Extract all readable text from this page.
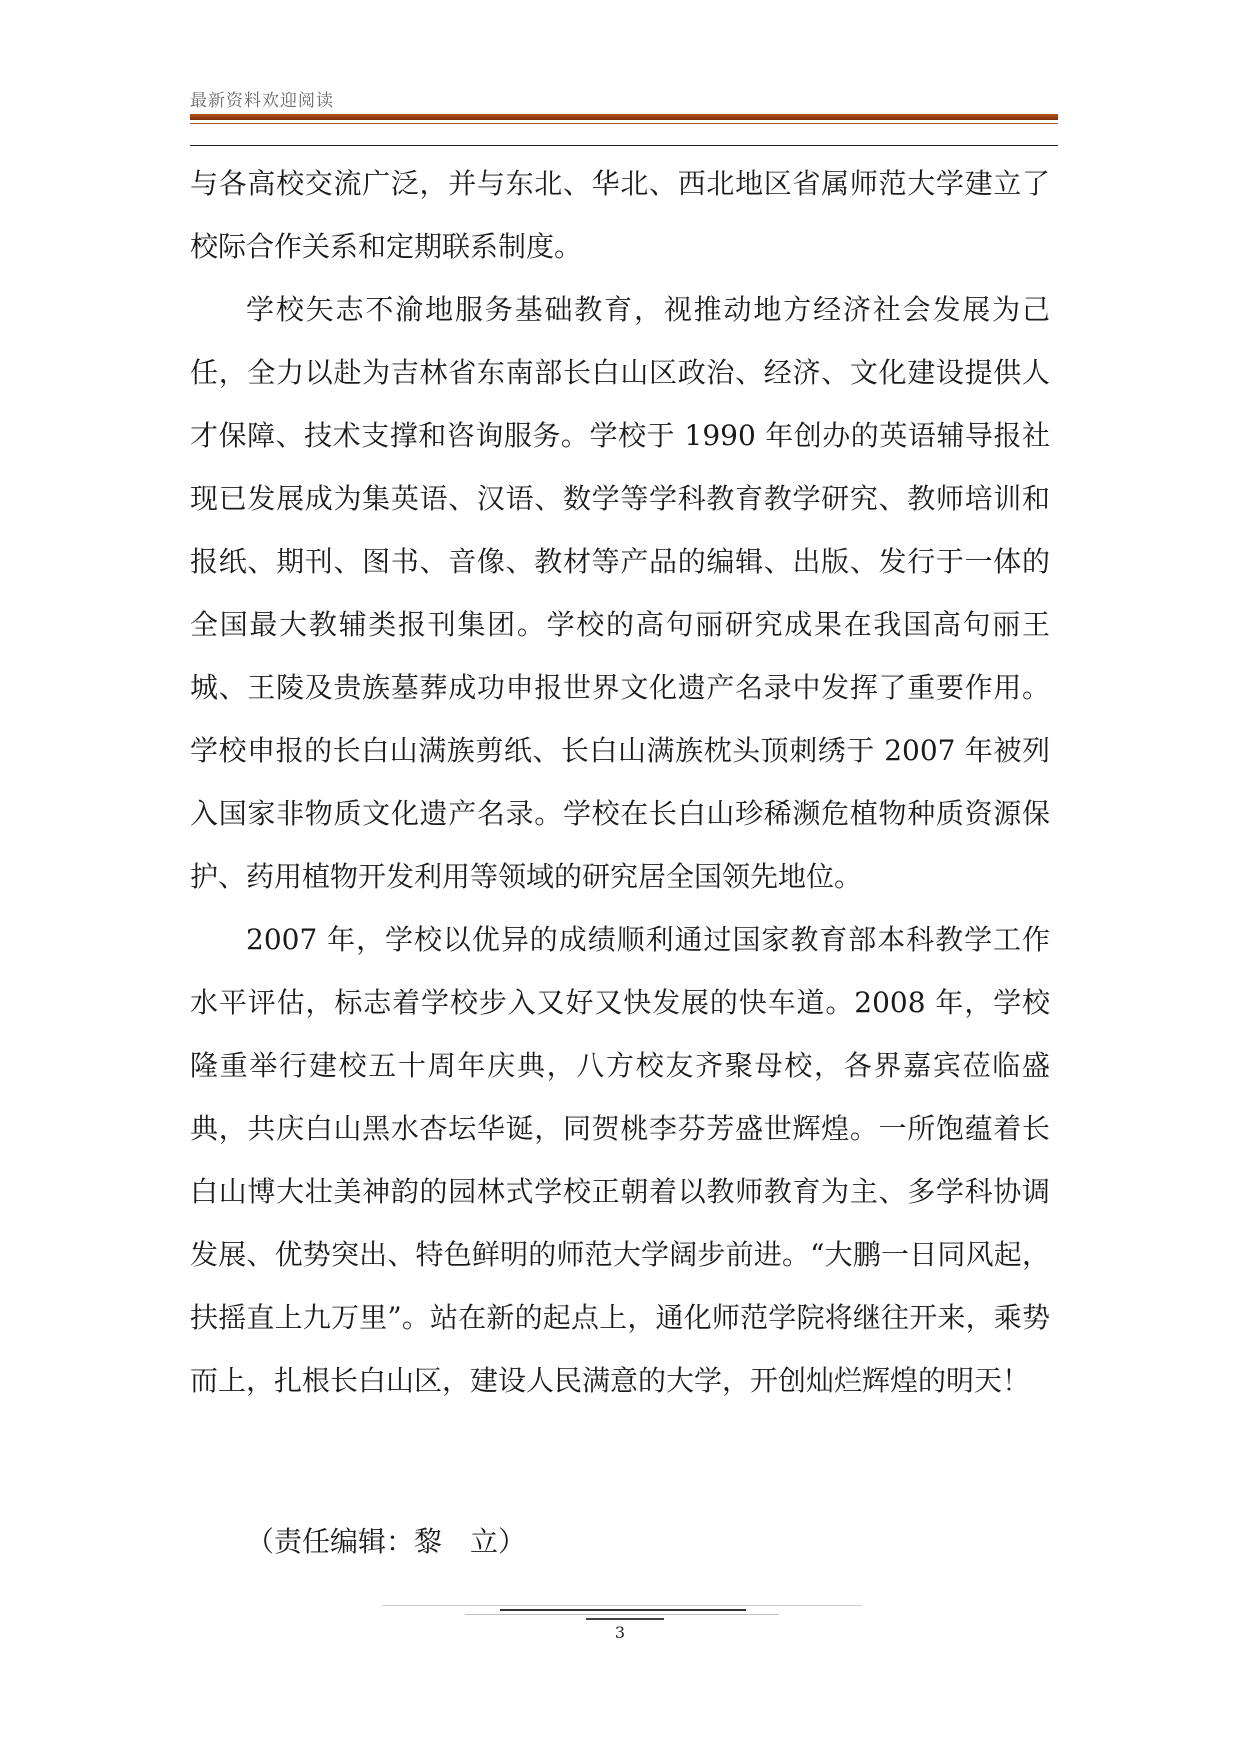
最新资料欢迎阅读

与各高校交流广泛，并与东北、华北、西北地区省属师范大学建立了校际合作关系和定期联系制度。

学校矢志不渝地服务基础教育，视推动地方经济社会发展为己任，全力以赴为吉林省东南部长白山区政治、经济、文化建设提供人才保障、技术支撑和咨询服务。学校于 1990 年创办的英语辅导报社现已发展成为集英语、汉语、数学等学科教育教学研究、教师培训和报纸、期刊、图书、音像、教材等产品的编辑、出版、发行于一体的全国最大教辅类报刊集团。学校的高句丽研究成果在我国高句丽王城、王陵及贵族墓葬成功申报世界文化遗产名录中发挥了重要作用。学校申报的长白山满族剪纸、长白山满族枕头顶刺绣于 2007 年被列入国家非物质文化遗产名录。学校在长白山珍稀濒危植物种质资源保护、药用植物开发利用等领域的研究居全国领先地位。

2007 年，学校以优异的成绩顺利通过国家教育部本科教学工作水平评估，标志着学校步入又好又快发展的快车道。2008 年，学校隆重举行建校五十周年庆典，八方校友齐聚母校，各界嘉宾莅临盛典，共庆白山黑水杏坛华诞，同贺桃李芬芳盛世辉煌。一所饱蕴着长白山博大壮美神韵的园林式学校正朝着以教师教育为主、多学科协调发展、优势突出、特色鲜明的师范大学阔步前进。“大鹏一日同风起，扶摇直上九万里”。站在新的起点上，通化师范学院将继往开来，乘势而上，扎根长白山区，建设人民满意的大学，开创灿烂辉煌的明天！

（责任编辑：黎　立）
3
